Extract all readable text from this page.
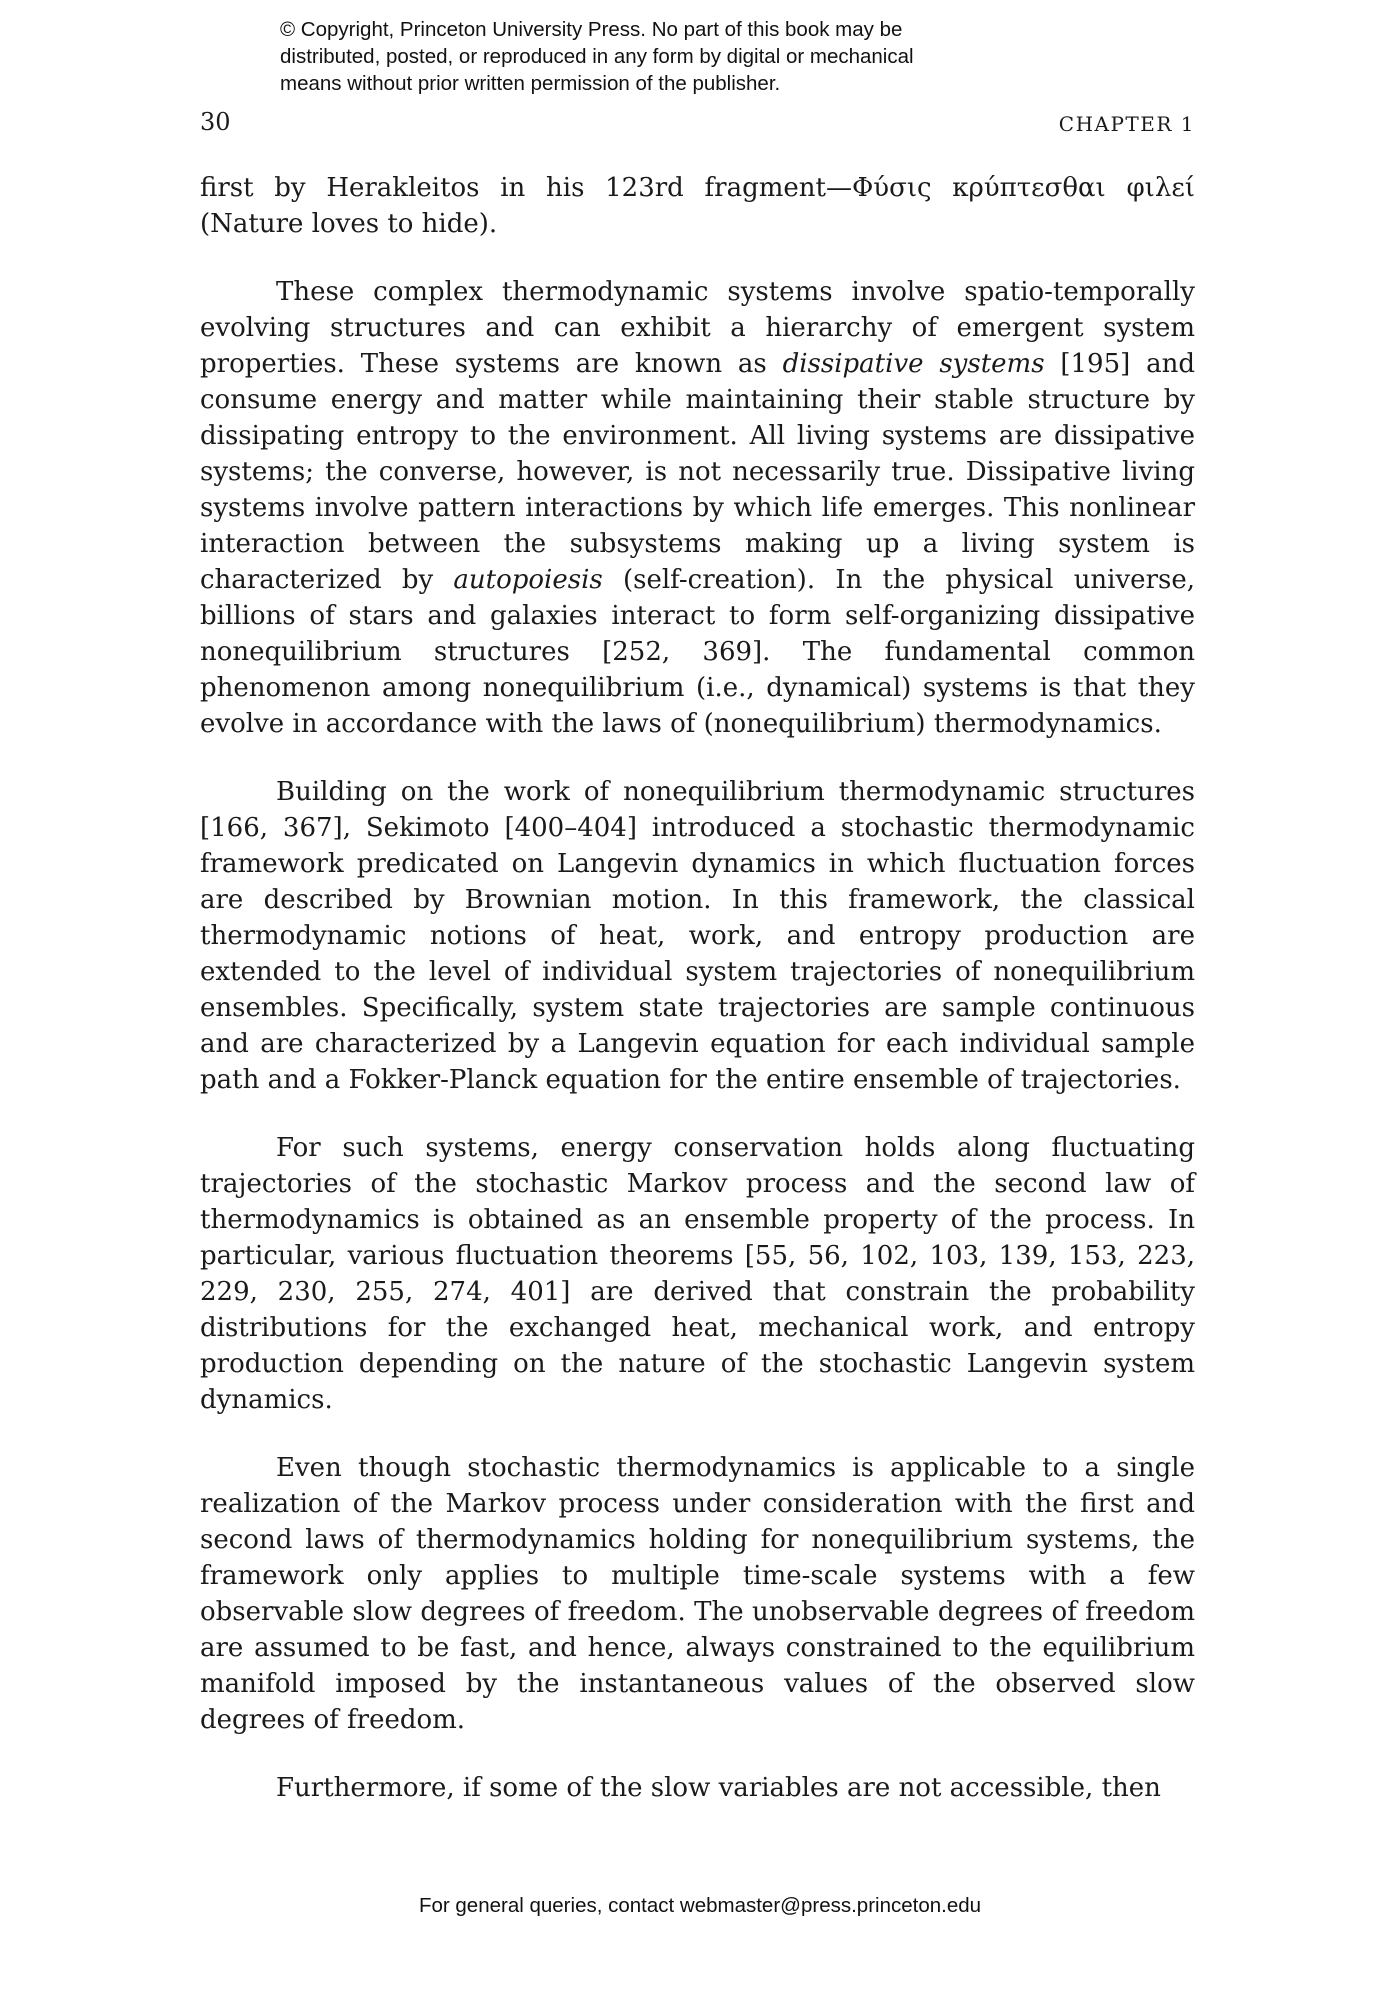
© Copyright, Princeton University Press. No part of this book may be
distributed, posted, or reproduced in any form by digital or mechanical
means without prior written permission of the publisher.
30	CHAPTER 1

first by Herakleitos in his 123rd fragment—Φύσις κρύπτεσθαι φιλεί (Nature loves to hide).

These complex thermodynamic systems involve spatio-temporally evolving structures and can exhibit a hierarchy of emergent system properties. These systems are known as dissipative systems [195] and consume energy and matter while maintaining their stable structure by dissipating entropy to the environment. All living systems are dissipative systems; the converse, however, is not necessarily true. Dissipative living systems involve pattern interactions by which life emerges. This nonlinear interaction between the subsystems making up a living system is characterized by autopoiesis (self-creation). In the physical universe, billions of stars and galaxies interact to form self-organizing dissipative nonequilibrium structures [252, 369]. The fundamental common phenomenon among nonequilibrium (i.e., dynamical) systems is that they evolve in accordance with the laws of (nonequilibrium) thermodynamics.

Building on the work of nonequilibrium thermodynamic structures [166, 367], Sekimoto [400–404] introduced a stochastic thermodynamic framework predicated on Langevin dynamics in which fluctuation forces are described by Brownian motion. In this framework, the classical thermodynamic notions of heat, work, and entropy production are extended to the level of individual system trajectories of nonequilibrium ensembles. Specifically, system state trajectories are sample continuous and are characterized by a Langevin equation for each individual sample path and a Fokker-Planck equation for the entire ensemble of trajectories.

For such systems, energy conservation holds along fluctuating trajectories of the stochastic Markov process and the second law of thermodynamics is obtained as an ensemble property of the process. In particular, various fluctuation theorems [55, 56, 102, 103, 139, 153, 223, 229, 230, 255, 274, 401] are derived that constrain the probability distributions for the exchanged heat, mechanical work, and entropy production depending on the nature of the stochastic Langevin system dynamics.

Even though stochastic thermodynamics is applicable to a single realization of the Markov process under consideration with the first and second laws of thermodynamics holding for nonequilibrium systems, the framework only applies to multiple time-scale systems with a few observable slow degrees of freedom. The unobservable degrees of freedom are assumed to be fast, and hence, always constrained to the equilibrium manifold imposed by the instantaneous values of the observed slow degrees of freedom.

Furthermore, if some of the slow variables are not accessible, then

For general queries, contact webmaster@press.princeton.edu
